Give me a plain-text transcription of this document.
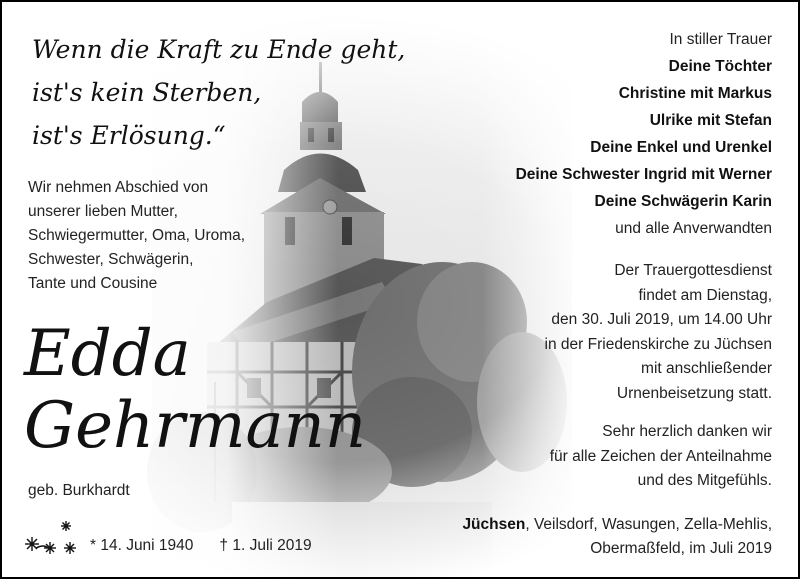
Wenn die Kraft zu Ende geht,
ist's kein Sterben,
ist's Erlösung.“
Wir nehmen Abschied von
unserer lieben Mutter,
Schwiegermutter, Oma, Uroma,
Schwester, Schwägerin,
Tante und Cousine
Edda
Gehrmann
geb. Burkhardt
* 14. Juni 1940 † 1. Juli 2019
In stiller Trauer
Deine Töchter
Christine mit Markus
Ulrike mit Stefan
Deine Enkel und Urenkel
Deine Schwester Ingrid mit Werner
Deine Schwägerin Karin
und alle Anverwandten
Der Trauergottesdienst
findet am Dienstag,
den 30. Juli 2019, um 14.00 Uhr
in der Friedenskirche zu Jüchsen
mit anschließender
Urnenbeisetzung statt.
Sehr herzlich danken wir
für alle Zeichen der Anteilnahme
und des Mitgefühls.
Jüchsen, Veilsdorf, Wasungen, Zella-Mehlis,
Obermaßfeld, im Juli 2019
